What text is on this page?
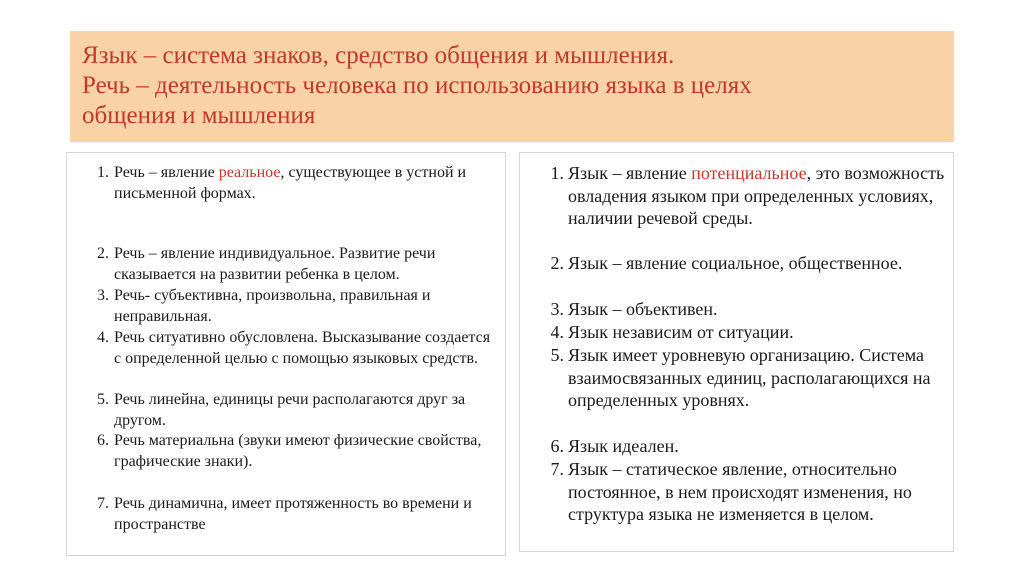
Язык – система знаков, средство общения и мышления.
Речь – деятельность человека по использованию языка в целях
общения и мышления
1. Речь – явление реальное, существующее в устной и письменной формах.
2. Речь – явление индивидуальное. Развитие речи сказывается на развитии ребенка в целом.
3. Речь- субъективна, произвольна, правильная и неправильная.
4. Речь ситуативно обусловлена. Высказывание создается с определенной целью с помощью языковых средств.
5. Речь линейна, единицы речи располагаются друг за другом.
6. Речь материальна (звуки имеют физические свойства, графические знаки).
7. Речь динамична, имеет протяженность во времени и пространстве
1. Язык – явление потенциальное, это возможность овладения языком при определенных условиях, наличии речевой среды.
2. Язык – явление социальное, общественное.
3. Язык – объективен.
4. Язык независим от ситуации.
5. Язык имеет уровневую организацию. Система взаимосвязанных единиц, располагающихся на определенных уровнях.
6. Язык идеален.
7. Язык – статическое явление, относительно постоянное, в нем происходят изменения, но структура языка не изменяется в целом.
